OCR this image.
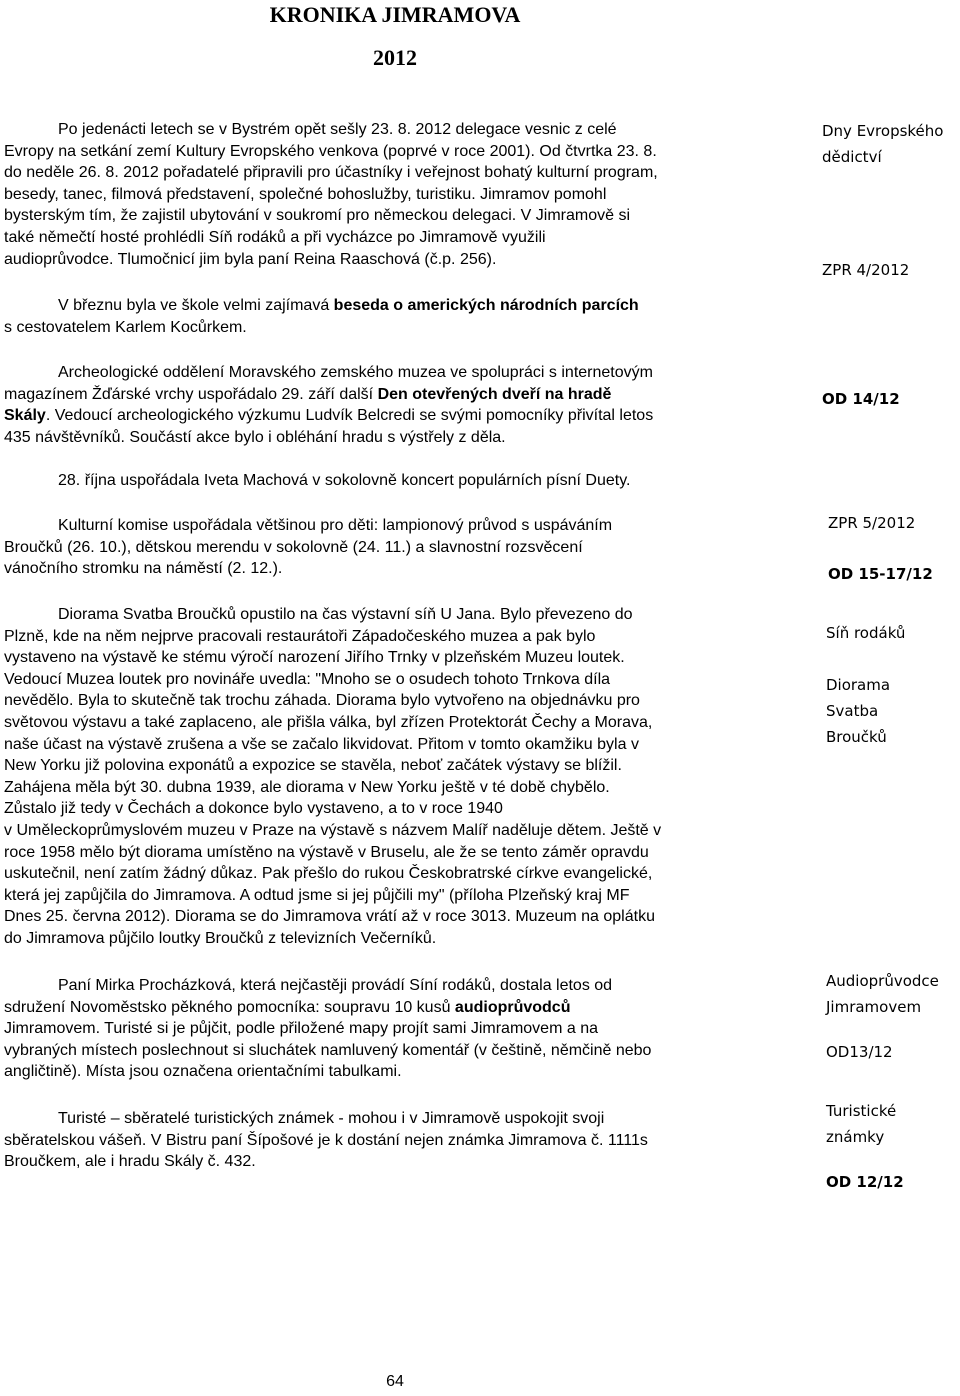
KRONIKA JIMRAMOVA
2012

Po jedenácti letech se v Bystrém opět sešly 23. 8. 2012 delegace vesnic z celé

Evropy na setkání zemí Kultury Evropského venkova (poprvé v roce 2001). Od čtvrtka 23. 8.

do neděle 26. 8. 2012 pořadatelé připravili pro účastníky i veřejnost bohatý kulturní program,

besedy, tanec, filmová představení, společné bohoslužby, turistiku. Jimramov pomohl

bysterským tím, že zajistil ubytování v soukromí pro německou delegaci. V Jimramově si

také němečtí hosté prohlédli Síň rodáků a při vycházce po Jimramově využili

audioprůvodce. Tlumočnicí jim byla paní Reina Raaschová (č.p. 256).

V březnu byla ve škole velmi zajímavá beseda o amerických národních parcích

s cestovatelem Karlem Kocůrkem.

Archeologické oddělení Moravského zemského muzea ve spolupráci s internetovým

magazínem Žďárské vrchy uspořádalo 29. září další Den otevřených dveří na hradě

Skály. Vedoucí archeologického výzkumu Ludvík Belcredi se svými pomocníky přivítal letos

435 návštěvníků. Součástí akce bylo i obléhání hradu s výstřely z děla.

28. října uspořádala Iveta Machová v sokolovně koncert populárních písní Duety.

Kulturní komise uspořádala většinou pro děti: lampionový průvod s uspáváním

Broučků (26. 10.), dětskou merendu v sokolovně (24. 11.) a slavnostní rozsvěcení

vánočního stromku na náměstí (2. 12.).

Diorama Svatba Broučků opustilo na čas výstavní síň U Jana. Bylo převezeno do

Plzně, kde na něm nejprve pracovali restaurátoři Západočeského muzea a pak bylo

vystaveno na výstavě ke stému výročí narození Jiřího Trnky v plzeňském Muzeu loutek.

Vedoucí Muzea loutek pro novináře uvedla: "Mnoho se o osudech tohoto Trnkova díla

nevědělo. Byla to skutečně tak trochu záhada. Diorama bylo vytvořeno na objednávku pro

světovou výstavu a také zaplaceno, ale přišla válka, byl zřízen Protektorát Čechy a Morava,

naše účast na výstavě zrušena a vše se začalo likvidovat. Přitom v tomto okamžiku byla v

New Yorku již polovina exponátů a expozice se stavěla, neboť začátek výstavy se blížil.

Zahájena měla být 30. dubna 1939, ale diorama v New Yorku ještě v té době chybělo.

Zůstalo již tedy v Čechách a dokonce bylo vystaveno, a to v roce 1940

v Uměleckoprůmyslovém muzeu v Praze na výstavě s názvem Malíř naděluje dětem. Ještě v

roce 1958 mělo být diorama umístěno na výstavě v Bruselu, ale že se tento záměr opravdu

uskutečnil, není zatím žádný důkaz. Pak přešlo do rukou Českobratrské církve evangelické,

která jej zapůjčila do Jimramova. A odtud jsme si jej půjčili my" (příloha Plzeňský kraj MF

Dnes 25. června 2012). Diorama se do Jimramova vrátí až v roce 3013. Muzeum na oplátku

do Jimramova půjčilo loutky Broučků z televizních Večerníků.

Paní Mirka Procházková, která nejčastěji provádí Síní rodáků, dostala letos od

sdružení Novoměstsko pěkného pomocníka: soupravu 10 kusů audioprůvodců

Jimramovem. Turisté si je půjčit, podle přiložené mapy projít sami Jimramovem a na

vybraných místech poslechnout si sluchátek namluvený komentář (v češtině, němčině nebo

angličtině). Místa jsou označena orientačními tabulkami.

Turisté – sběratelé turistických známek - mohou i v Jimramově uspokojit svoji

sběratelskou vášeň. V Bistru paní Šípošové je k dostání nejen známka Jimramova č. 1111s

Broučkem, ale i hradu Skály č. 432.

Dny Evropského
dědictví
ZPR 4/2012
OD 14/12
ZPR 5/2012
OD 15-17/12
Síň rodáků
Diorama
Svatba
Broučků
Audioprůvodce
Jimramovem
OD13/12
Turistické
známky
OD 12/12
64
